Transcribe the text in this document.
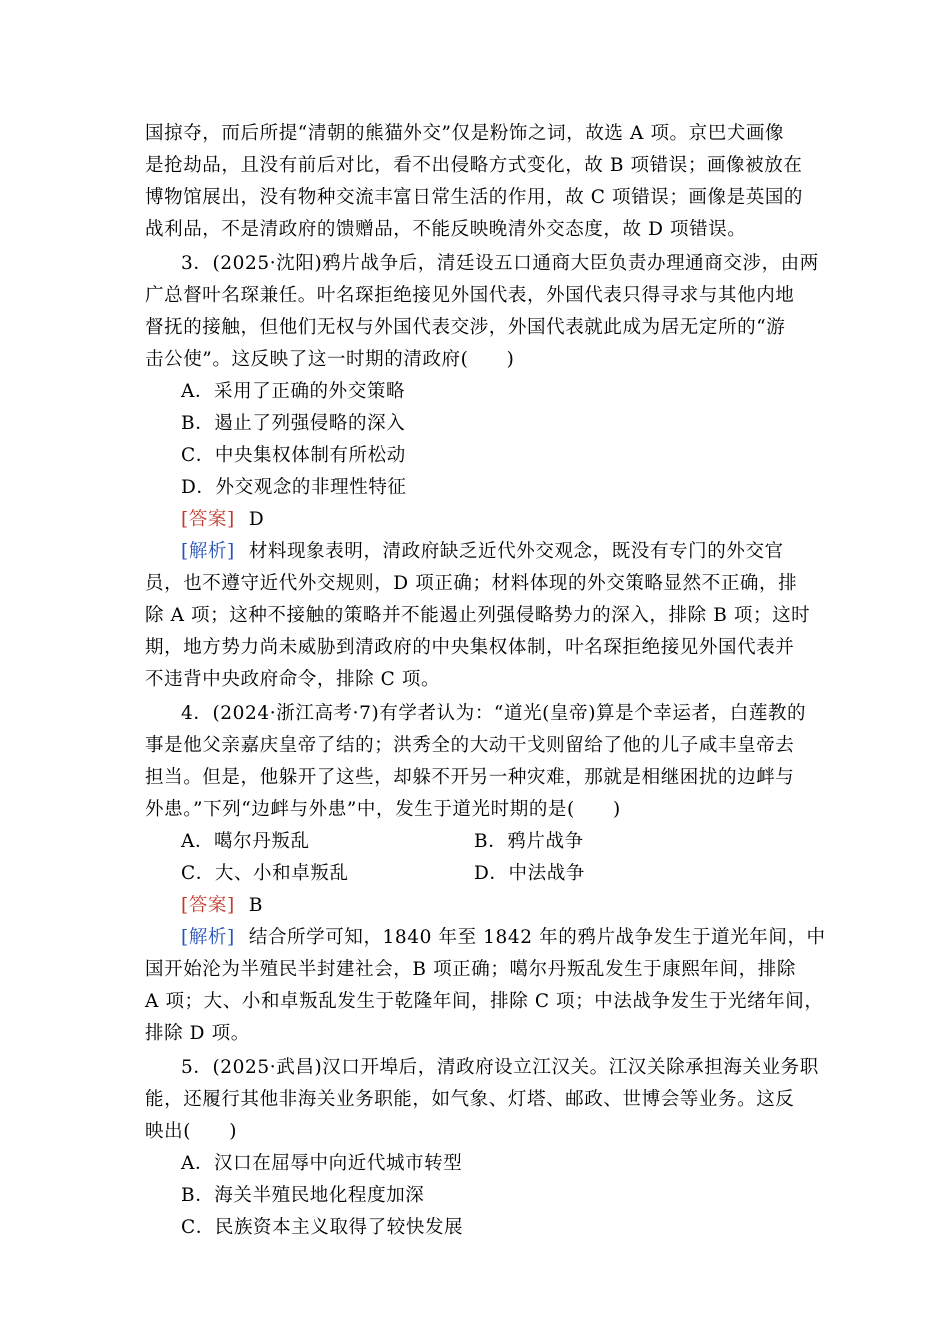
国掠夺，而后所提“清朝的熊猫外交”仅是粉饰之词，故选 A 项。京巴犬画像
是抢劫品，且没有前后对比，看不出侵略方式变化，故 B 项错误；画像被放在
博物馆展出，没有物种交流丰富日常生活的作用，故 C 项错误；画像是英国的
战利品，不是清政府的馈赠品，不能反映晚清外交态度，故 D 项错误。
3．(2025·沈阳)鸦片战争后，清廷设五口通商大臣负责办理通商交涉，由两
广总督叶名琛兼任。叶名琛拒绝接见外国代表，外国代表只得寻求与其他内地
督抚的接触，但他们无权与外国代表交涉，外国代表就此成为居无定所的“游
击公使”。这反映了这一时期的清政府(　　)
A．采用了正确的外交策略
B．遏止了列强侵略的深入
C．中央集权体制有所松动
D．外交观念的非理性特征
[答案] D
[解析] 材料现象表明，清政府缺乏近代外交观念，既没有专门的外交官
员，也不遵守近代外交规则，D 项正确；材料体现的外交策略显然不正确，排
除 A 项；这种不接触的策略并不能遏止列强侵略势力的深入，排除 B 项；这时
期，地方势力尚未威胁到清政府的中央集权体制，叶名琛拒绝接见外国代表并
不违背中央政府命令，排除 C 项。
4．(2024·浙江高考·7)有学者认为：“道光(皇帝)算是个幸运者，白莲教的
事是他父亲嘉庆皇帝了结的；洪秀全的大动干戈则留给了他的儿子咸丰皇帝去
担当。但是，他躲开了这些，却躲不开另一种灾难，那就是相继困扰的边衅与
外患。”下列“边衅与外患”中，发生于道光时期的是(　　)
A．噶尔丹叛乱	B．鸦片战争
C．大、小和卓叛乱	D．中法战争
[答案] B
[解析] 结合所学可知，1840 年至 1842 年的鸦片战争发生于道光年间，中
国开始沦为半殖民半封建社会，B 项正确；噶尔丹叛乱发生于康熙年间，排除
A 项；大、小和卓叛乱发生于乾隆年间，排除 C 项；中法战争发生于光绪年间，
排除 D 项。
5．(2025·武昌)汉口开埠后，清政府设立江汉关。江汉关除承担海关业务职
能，还履行其他非海关业务职能，如气象、灯塔、邮政、世博会等业务。这反
映出(　　)
A．汉口在屈辱中向近代城市转型
B．海关半殖民地化程度加深
C．民族资本主义取得了较快发展
